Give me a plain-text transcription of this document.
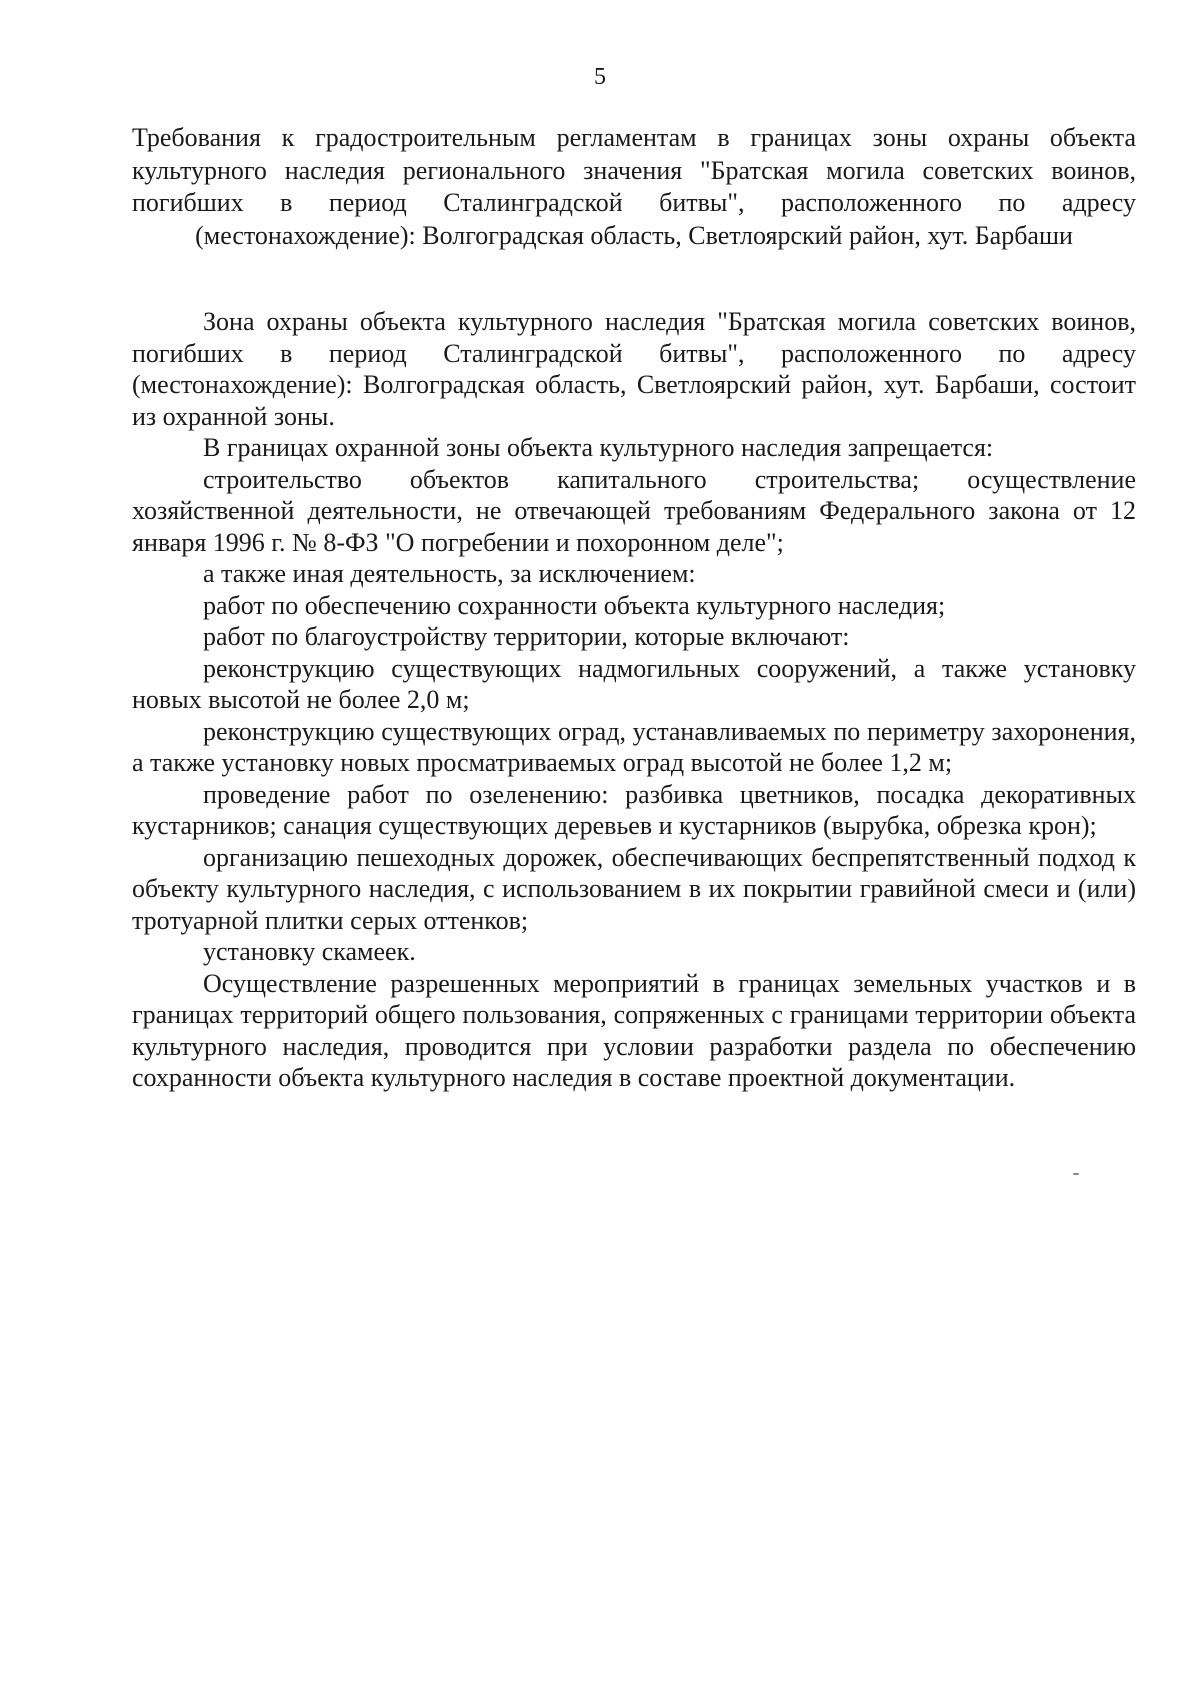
5
Требования к градостроительным регламентам в границах зоны охраны объекта культурного наследия регионального значения "Братская могила советских воинов, погибших в период Сталинградской битвы", расположенного по адресу (местонахождение): Волгоградская область, Светлоярский район, хут. Барбаши

Зона охраны объекта культурного наследия "Братская могила советских воинов, погибших в период Сталинградской битвы", расположенного по адресу (местонахождение): Волгоградская область, Светлоярский район, хут. Барбаши, состоит из охранной зоны.

В границах охранной зоны объекта культурного наследия запрещается:

строительство объектов капитального строительства; осуществление хозяйственной деятельности, не отвечающей требованиям Федерального закона от 12 января 1996 г. № 8-ФЗ "О погребении и похоронном деле";

а также иная деятельность, за исключением:

работ по обеспечению сохранности объекта культурного наследия;

работ по благоустройству территории, которые включают:

реконструкцию существующих надмогильных сооружений, а также установку новых высотой не более 2,0 м;

реконструкцию существующих оград, устанавливаемых по периметру захоронения, а также установку новых просматриваемых оград высотой не более 1,2 м;

проведение работ по озеленению: разбивка цветников, посадка декоративных кустарников; санация существующих деревьев и кустарников (вырубка, обрезка крон);

организацию пешеходных дорожек, обеспечивающих беспрепятственный подход к объекту культурного наследия, с использованием в их покрытии гравийной смеси и (или) тротуарной плитки серых оттенков;

установку скамеек.

Осуществление разрешенных мероприятий в границах земельных участков и в границах территорий общего пользования, сопряженных с границами территории объекта культурного наследия, проводится при условии разработки раздела по обеспечению сохранности объекта культурного наследия в составе проектной документации.
